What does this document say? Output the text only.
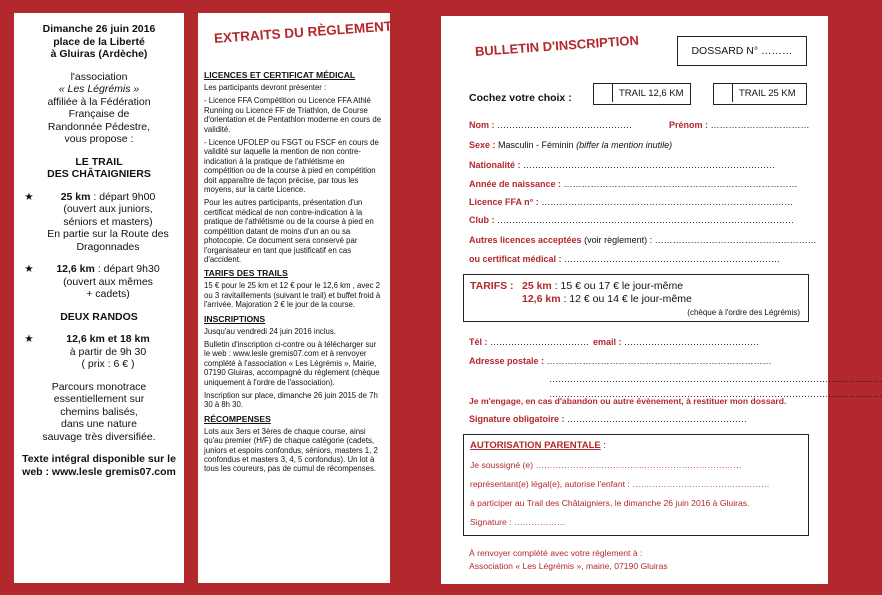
Dimanche 26 juin 2016

place de la Liberté

à Gluiras (Ardèche)

l'association

« Les Légrémis »

affiliée à la Fédération

Française de

Randonnée Pédestre,

vous propose :

LE TRAIL

DES CHÂTAIGNIERS

★	25 km : départ 9h00
(ouvert aux juniors,
séniors et masters)
En partie sur la Route des
Dragonnades
★	12,6 km : départ 9h30
(ouvert aux mêmes
+ cadets)

DEUX RANDOS

★	12,6 km et 18 km
à partir de 9h 30
( prix : 6 € )

Parcours monotrace

essentiellement sur

chemins balisés,

dans une nature

sauvage très diversifiée.

Texte intégral disponible sur le

web : www.lesle gremis07.com

EXTRAITS DU RÈGLEMENT

LICENCES ET CERTIFICAT MÉDICAL

Les participants devront présenter :

- Licence FFA Compétition ou Licence FFA Athlé Running ou Licence FF de Triathlon, de Course d'orientation et de Pentathlon moderne en cours de validité.

- Licence UFOLEP ou FSGT ou FSCF en cours de validité sur laquelle la mention de non contre-indication à la pratique de l'athlétisme en compétition ou de la course à pied en compétition doit apparaître de façon précise, par tous les moyens, sur la carte Licence.

Pour les autres participants, présentation d'un certificat médical de non contre-indication à la pratique de l'athlétisme ou de la course à pied en compétition datant de moins d'un an ou sa photocopie. Ce document sera conservé par l'organisateur en tant que justificatif en cas d'accident.

TARIFS DES TRAILS

15 € pour le 25 km et 12 € pour le 12,6 km , avec 2 ou 3 ravitaillements (suivant le trail) et buffet froid à l'arrivée. Majoration 2 € le jour de la course.

INSCRIPTIONS

Jusqu'au vendredi 24 juin 2016 inclus.

Bulletin d'inscription ci-contre ou à télécharger sur le web : www.lesle gremis07.com et à renvoyer complété à l'association « Les Légrémis », Mairie, 07190 Gluiras, accompagné du règlement (chèque uniquement à l'ordre de l'association).

Inscription sur place, dimanche 26 juin 2015 de 7h 30 à 8h 30.

RÉCOMPENSES

Lots aux 3ers et 3ères de chaque course, ainsi qu'au premier (H/F) de chaque catégorie (cadets, juniors et espoirs confondus, séniors, masters 1, 2 confondus et masters 3, 4, 5 confondus). Un lot à tous les coureurs, pas de cumul de récompenses.

BULLETIN D'INSCRIPTION	DOSSARD N° ………
Cochez votre choix :	TRAIL 12,6 KM	TRAIL 25 KM
Nom : ………………………………………	Prénom : ……………………………
Sexe : Masculin - Féminin (biffer la mention inutile)
Nationalité : …………………………………………………………………………
Année de naissance : ……………………………………………………………………
Licence FFA n° : …………………………………………………………………………
Club : ………………………………………………………………………………………
Autres licences acceptées (voir règlement) : ………………………………………………
ou certificat médical : ………………………………………………………………
TARIFS : 25 km : 15 € ou 17 € le jour-même
12,6 km : 12 € ou 14 € le jour-même
(chèque à l'ordre des Légrémis)
Tél : …………………………… email : ………………………………………
Adresse postale : …………………………………………………………………
…………………………………………………………………………………………………
…………………………………………………………………………………………………
Je m'engage, en cas d'abandon ou autre évènement, à restituer mon dossard.
Signature obligatoire : ……………………………………………………
AUTORISATION PARENTALE :
Je soussigné (e) ………………………………………………………………
représentant(e) légal(e), autorise l'enfant : …………………………………………
à participer au Trail des Châtaigniers, le dimanche 26 juin 2016 à Gluiras.
Signature : ………………
À renvoyer complété avec votre règlement à :
Association « Les Légrémis », mairie, 07190 Gluiras
